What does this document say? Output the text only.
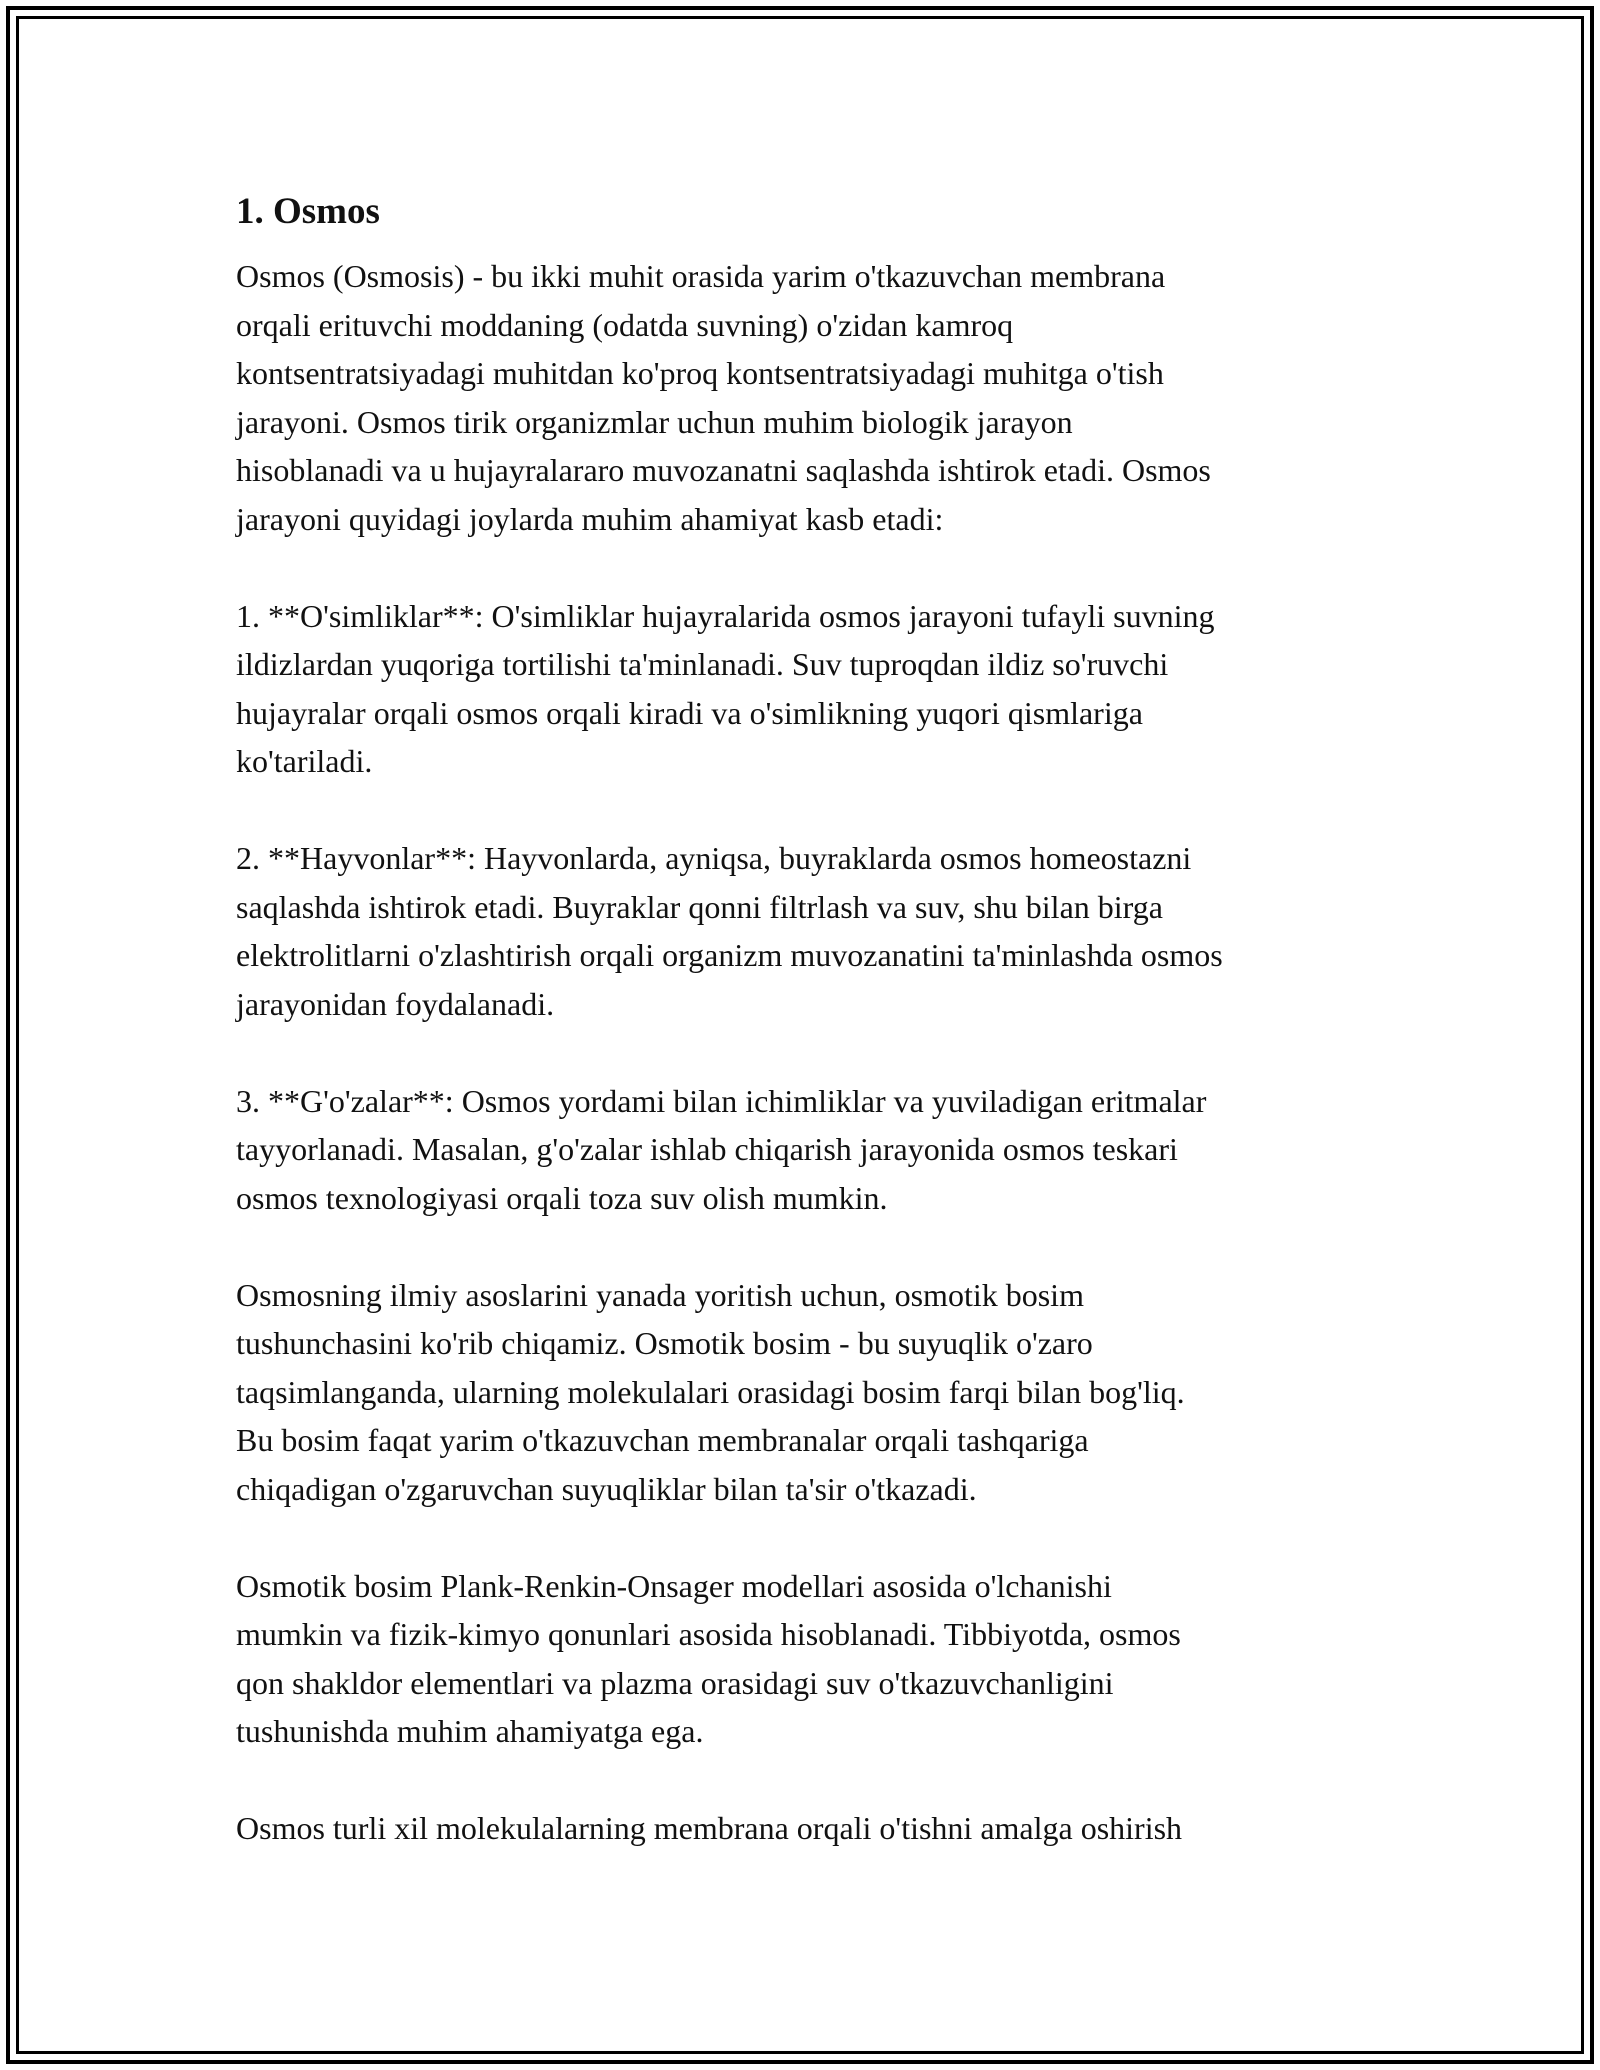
1. Osmos

Osmos (Osmosis) - bu ikki muhit orasida yarim o'tkazuvchan membrana
orqali erituvchi moddaning (odatda suvning) o'zidan kamroq
kontsentratsiyadagi muhitdan ko'proq kontsentratsiyadagi muhitga o'tish
jarayoni. Osmos tirik organizmlar uchun muhim biologik jarayon
hisoblanadi va u hujayralararo muvozanatni saqlashda ishtirok etadi. Osmos
jarayoni quyidagi joylarda muhim ahamiyat kasb etadi:

1. **O'simliklar**: O'simliklar hujayralarida osmos jarayoni tufayli suvning
ildizlardan yuqoriga tortilishi ta'minlanadi. Suv tuproqdan ildiz so'ruvchi
hujayralar orqali osmos orqali kiradi va o'simlikning yuqori qismlariga
ko'tariladi.

2. **Hayvonlar**: Hayvonlarda, ayniqsa, buyraklarda osmos homeostazni
saqlashda ishtirok etadi. Buyraklar qonni filtrlash va suv, shu bilan birga
elektrolitlarni o'zlashtirish orqali organizm muvozanatini ta'minlashda osmos
jarayonidan foydalanadi.

3. **G'o'zalar**: Osmos yordami bilan ichimliklar va yuviladigan eritmalar
tayyorlanadi. Masalan, g'o'zalar ishlab chiqarish jarayonida osmos teskari
osmos texnologiyasi orqali toza suv olish mumkin.

Osmosning ilmiy asoslarini yanada yoritish uchun, osmotik bosim
tushunchasini ko'rib chiqamiz. Osmotik bosim - bu suyuqlik o'zaro
taqsimlanganda, ularning molekulalari orasidagi bosim farqi bilan bog'liq.
Bu bosim faqat yarim o'tkazuvchan membranalar orqali tashqariga
chiqadigan o'zgaruvchan suyuqliklar bilan ta'sir o'tkazadi.

Osmotik bosim Plank-Renkin-Onsager modellari asosida o'lchanishi
mumkin va fizik-kimyo qonunlari asosida hisoblanadi. Tibbiyotda, osmos
qon shakldor elementlari va plazma orasidagi suv o'tkazuvchanligini
tushunishda muhim ahamiyatga ega.

Osmos turli xil molekulalarning membrana orqali o'tishni amalga oshirish
